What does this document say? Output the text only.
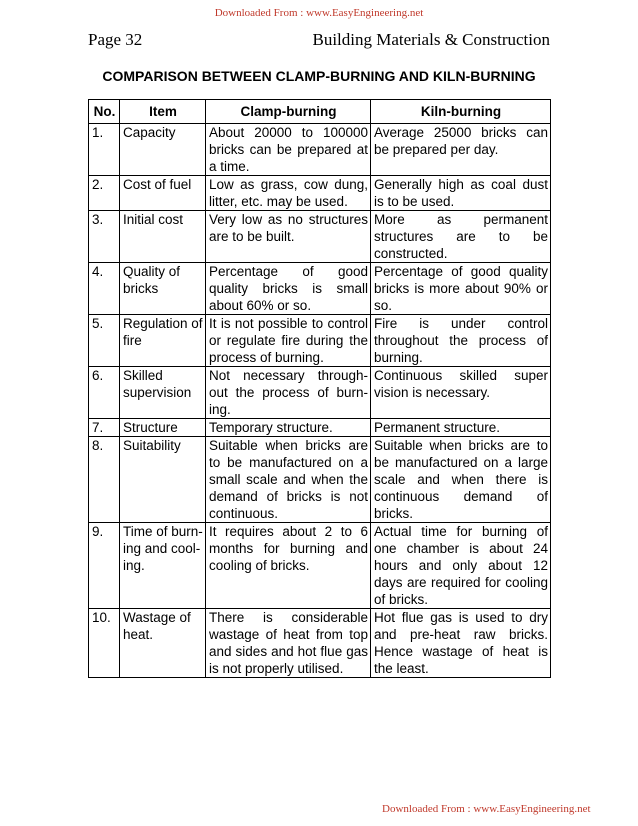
Downloaded From : www.EasyEngineering.net
Page 32	Building Materials & Construction
COMPARISON BETWEEN CLAMP-BURNING AND KILN-BURNING
No.	Item	Clamp-burning	Kiln-burning
1.	Capacity	About 20000 to 100000 bricks can be prepared at a time.	Average 25000 bricks can be prepared per day.
2.	Cost of fuel	Low as grass, cow dung, litter, etc. may be used.	Generally high as coal dust is to be used.
3.	Initial cost	Very low as no structures are to be built.	More as permanent structures are to be constructed.
4.	Quality of bricks	Percentage of good quality bricks is small about 60% or so.	Percentage of good quality bricks is more about 90% or so.
5.	Regulation of fire	It is not possible to control or regulate fire during the process of burning.	Fire is under control throughout the process of burning.
6.	Skilled supervision	Not necessary through-out the process of burn-ing.	Continuous skilled super vision is necessary.
7.	Structure	Temporary structure.	Permanent structure.
8.	Suitability	Suitable when bricks are to be manufactured on a small scale and when the demand of bricks is not continuous.	Suitable when bricks are to be manufactured on a large scale and when there is continuous demand of bricks.
9.	Time of burn-ing and cool-ing.	It requires about 2 to 6 months for burning and cooling of bricks.	Actual time for burning of one chamber is about 24 hours and only about 12 days are required for cooling of bricks.
10.	Wastage of heat.	There is considerable wastage of heat from top and sides and hot flue gas is not properly utilised.	Hot flue gas is used to dry and pre-heat raw bricks. Hence wastage of heat is the least.
Downloaded From : www.EasyEngineering.net
